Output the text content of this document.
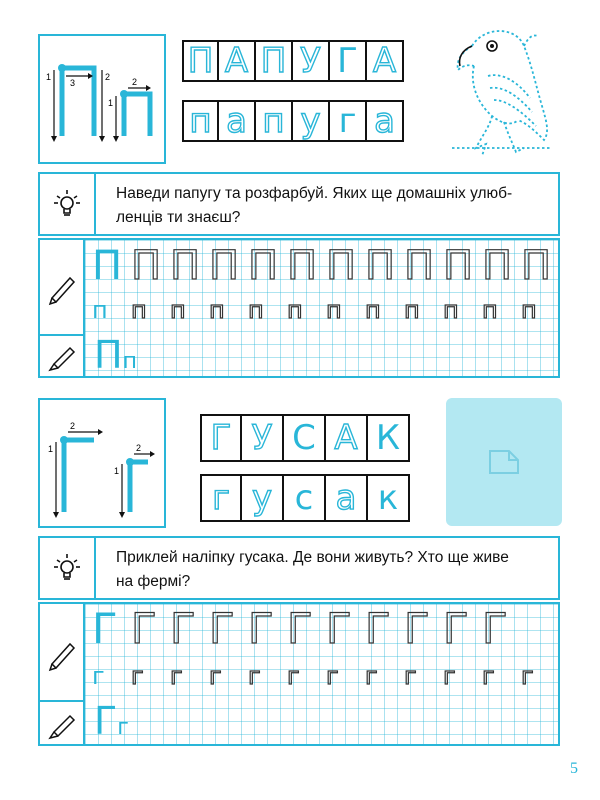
1
3
2 2
1
П А П У Г А
п а п у г а
Наведи папугу та розфарбуй. Яких ще домашніх улюб-
ленців ти знаєш?
П П П П П П П П П П П П
п п п п п п п п п п п п
Пп
1
2
1
2	Г У С А К
г у с а к
Приклей наліпку гусака. Де вони живуть? Хто ще живе
на фермі?
Г Г Г Г Г Г Г Г Г Г Г
г	г	г	г	г	г	г	г	г	г	г	г
Гг
5
